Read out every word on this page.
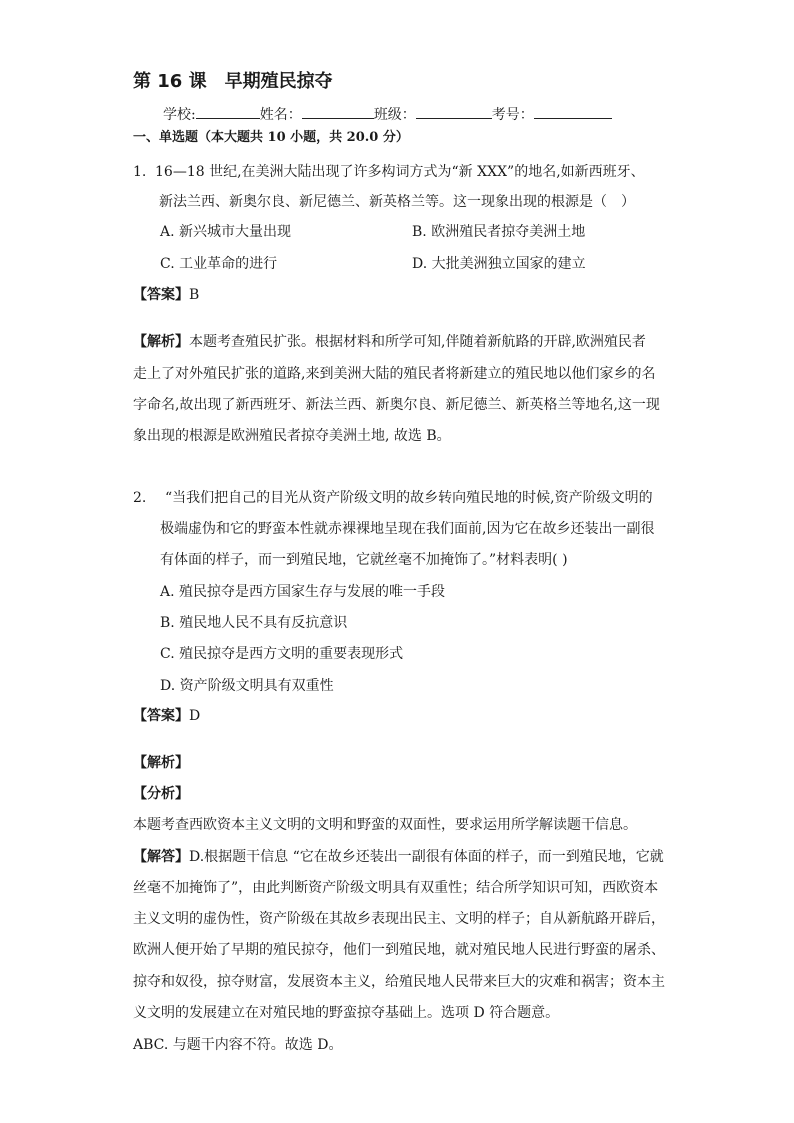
第 16 课　早期殖民掠夺
学校:	姓名：	班级：	考号：
一、单选题（本大题共 10 小题，共 20.0 分）
1. 16—18 世纪,在美洲大陆出现了许多构词方式为“新 XXX”的地名,如新西班牙、
新法兰西、新奥尔良、新尼德兰、新英格兰等。这一现象出现的根源是（　）
A. 新兴城市大量出现	B. 欧洲殖民者掠夺美洲土地
C. 工业革命的进行	D. 大批美洲独立国家的建立
【答案】B
【解析】本题考查殖民扩张。根据材料和所学可知,伴随着新航路的开辟,欧洲殖民者
走上了对外殖民扩张的道路,来到美洲大陆的殖民者将新建立的殖民地以他们家乡的名
字命名,故出现了新西班牙、新法兰西、新奥尔良、新尼德兰、新英格兰等地名,这一现
象出现的根源是欧洲殖民者掠夺美洲土地, 故选 B。
2. “当我们把自己的目光从资产阶级文明的故乡转向殖民地的时候,资产阶级文明的
极端虚伪和它的野蛮本性就赤裸裸地呈现在我们面前,因为它在故乡还装出一副很
有体面的样子，而一到殖民地，它就丝毫不加掩饰了。”材料表明( )
A. 殖民掠夺是西方国家生存与发展的唯一手段
B. 殖民地人民不具有反抗意识
C. 殖民掠夺是西方文明的重要表现形式
D. 资产阶级文明具有双重性
【答案】D
【解析】
【分析】
本题考查西欧资本主义文明的文明和野蛮的双面性，要求运用所学解读题干信息。
【解答】D.根据题干信息 “它在故乡还装出一副很有体面的样子，而一到殖民地，它就
丝毫不加掩饰了”，由此判断资产阶级文明具有双重性；结合所学知识可知，西欧资本
主义文明的虚伪性，资产阶级在其故乡表现出民主、文明的样子；自从新航路开辟后，
欧洲人便开始了早期的殖民掠夺，他们一到殖民地，就对殖民地人民进行野蛮的屠杀、
掠夺和奴役，掠夺财富，发展资本主义，给殖民地人民带来巨大的灾难和祸害；资本主
义文明的发展建立在对殖民地的野蛮掠夺基础上。选项 D 符合题意。
ABC. 与题干内容不符。故选 D。
